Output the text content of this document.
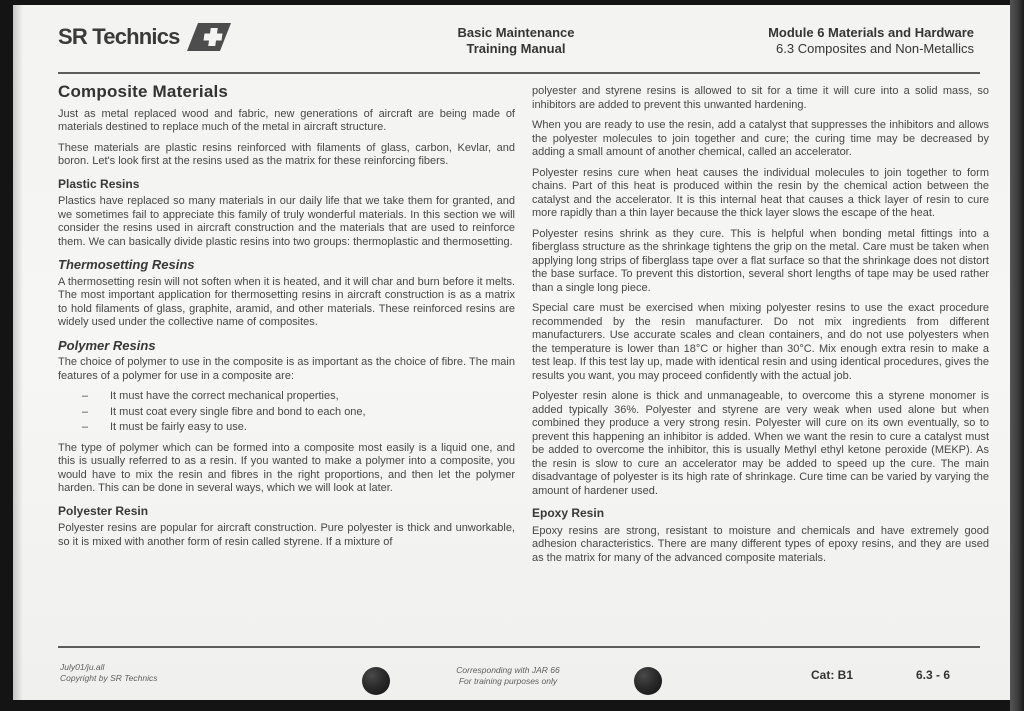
SR Technics	Basic Maintenance
Training Manual
Module 6 Materials and Hardware
6.3 Composites and Non-Metallics
Composite Materials

Just as metal replaced wood and fabric, new generations of aircraft are being made of materials destined to replace much of the metal in aircraft structure.

These materials are plastic resins reinforced with filaments of glass, carbon, Kevlar, and boron. Let's look first at the resins used as the matrix for these reinforcing fibers.

Plastic Resins

Plastics have replaced so many materials in our daily life that we take them for granted, and we sometimes fail to appreciate this family of truly wonderful materials. In this section we will consider the resins used in aircraft construction and the materials that are used to reinforce them. We can basically divide plastic resins into two groups: thermoplastic and thermosetting.

Thermosetting Resins

A thermosetting resin will not soften when it is heated, and it will char and burn before it melts. The most important application for thermosetting resins in aircraft construction is as a matrix to hold filaments of glass, graphite, aramid, and other materials. These reinforced resins are widely used under the collective name of composites.

Polymer Resins

The choice of polymer to use in the composite is as important as the choice of fibre. The main features of a polymer for use in a composite are:

–	It must have the correct mechanical properties,
–	It must coat every single fibre and bond to each one,
–	It must be fairly easy to use.

The type of polymer which can be formed into a composite most easily is a liquid one, and this is usually referred to as a resin. If you wanted to make a polymer into a composite, you would have to mix the resin and fibres in the right proportions, and then let the polymer harden. This can be done in several ways, which we will look at later.

Polyester Resin

Polyester resins are popular for aircraft construction. Pure polyester is thick and unworkable, so it is mixed with another form of resin called styrene. If a mixture of

polyester and styrene resins is allowed to sit for a time it will cure into a solid mass, so inhibitors are added to prevent this unwanted hardening.

When you are ready to use the resin, add a catalyst that suppresses the inhibitors and allows the polyester molecules to join together and cure; the curing time may be decreased by adding a small amount of another chemical, called an accelerator.

Polyester resins cure when heat causes the individual molecules to join together to form chains. Part of this heat is produced within the resin by the chemical action between the catalyst and the accelerator. It is this internal heat that causes a thick layer of resin to cure more rapidly than a thin layer because the thick layer slows the escape of the heat.

Polyester resins shrink as they cure. This is helpful when bonding metal fittings into a fiberglass structure as the shrinkage tightens the grip on the metal. Care must be taken when applying long strips of fiberglass tape over a flat surface so that the shrinkage does not distort the base surface. To prevent this distortion, several short lengths of tape may be used rather than a single long piece.

Special care must be exercised when mixing polyester resins to use the exact procedure recommended by the resin manufacturer. Do not mix ingredients from different manufacturers. Use accurate scales and clean containers, and do not use polyesters when the temperature is lower than 18°C or higher than 30°C. Mix enough extra resin to make a test leap. If this test lay up, made with identical resin and using identical procedures, gives the results you want, you may proceed confidently with the actual job.

Polyester resin alone is thick and unmanageable, to overcome this a styrene monomer is added typically 36%. Polyester and styrene are very weak when used alone but when combined they produce a very strong resin. Polyester will cure on its own eventually, so to prevent this happening an inhibitor is added. When we want the resin to cure a catalyst must be added to overcome the inhibitor, this is usually Methyl ethyl ketone peroxide (MEKP). As the resin is slow to cure an accelerator may be added to speed up the cure. The main disadvantage of polyester is its high rate of shrinkage. Cure time can be varied by varying the amount of hardener used.

Epoxy Resin

Epoxy resins are strong, resistant to moisture and chemicals and have extremely good adhesion characteristics. There are many different types of epoxy resins, and they are used as the matrix for many of the advanced composite materials.

July01/ju.all
Copyright by SR Technics
Corresponding with JAR 66
For training purposes only	Cat: B1	6.3 - 6
